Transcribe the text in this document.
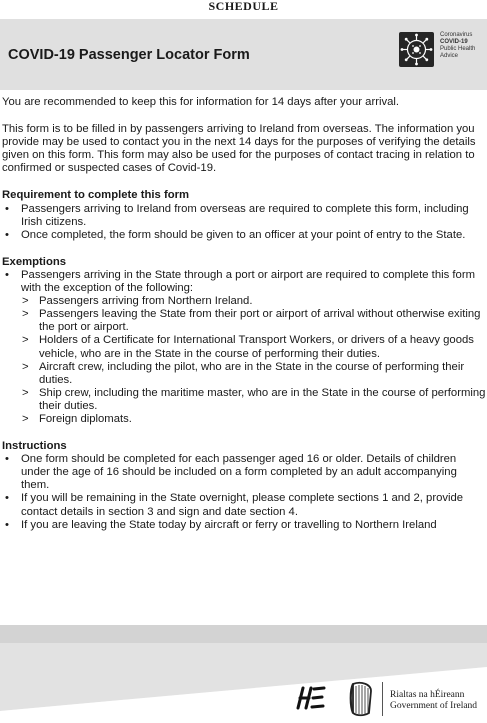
SCHEDULE
COVID-19 Passenger Locator Form
Coronavirus
COVID-19
Public Health
Advice

You are recommended to keep this for information for 14 days after your arrival.

This form is to be filled in by passengers arriving to Ireland from overseas. The information you provide may be used to contact you in the next 14 days for the purposes of verifying the details given on this form. This form may also be used for the purposes of contact tracing in relation to confirmed or suspected cases of Covid-19.

Requirement to complete this form

• Passengers arriving to Ireland from overseas are required to complete this form, including Irish citizens.
• Once completed, the form should be given to an officer at your point of entry to the State.

Exemptions

• Passengers arriving in the State through a port or airport are required to complete this form with the exception of the following:
> Passengers arriving from Northern Ireland.
> Passengers leaving the State from their port or airport of arrival without otherwise exiting the port or airport.
> Holders of a Certificate for International Transport Workers, or drivers of a heavy goods vehicle, who are in the State in the course of performing their duties.
> Aircraft crew, including the pilot, who are in the State in the course of performing their duties.
> Ship crew, including the maritime master, who are in the State in the course of performing their duties.
> Foreign diplomats.

Instructions

• One form should be completed for each passenger aged 16 or older. Details of children under the age of 16 should be included on a form completed by an adult accompanying them.
• If you will be remaining in the State overnight, please complete sections 1 and 2, provide contact details in section 3 and sign and date section 4.
• If you are leaving the State today by aircraft or ferry or travelling to Northern Ireland
Rialtas na hÉireann
Government of Ireland
